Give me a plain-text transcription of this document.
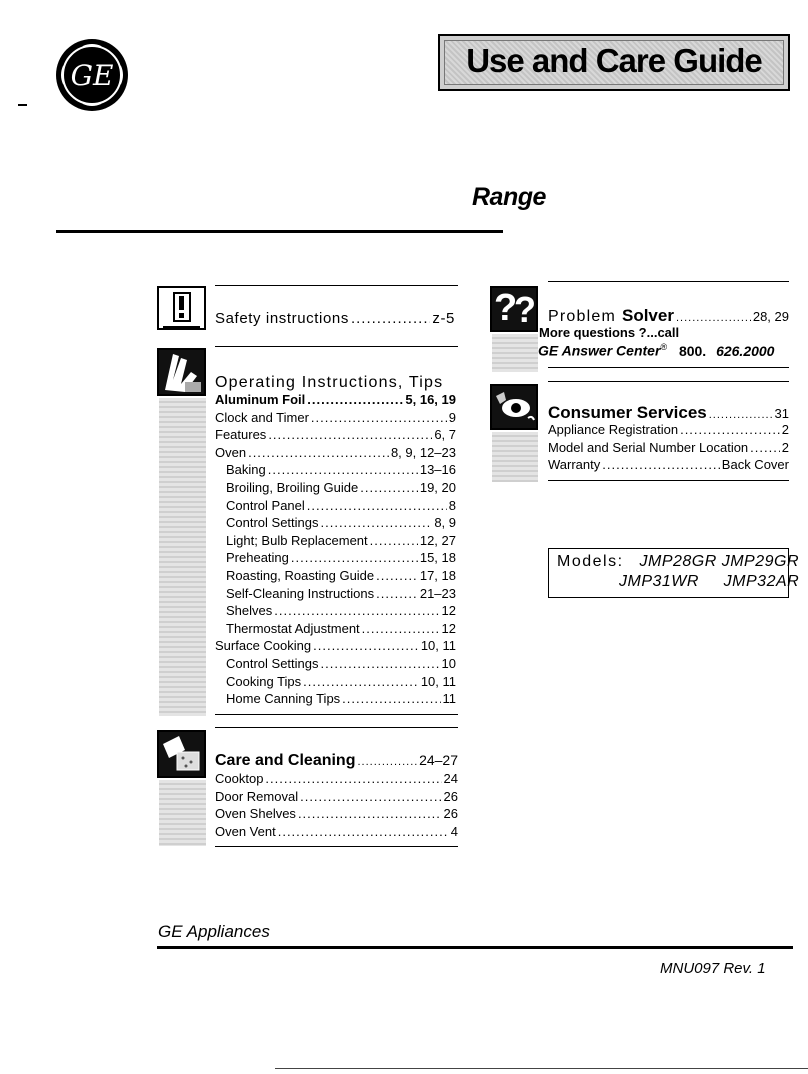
GE	Use and Care Guide
Range
Safety instructions .....	z-5
Operating Instructions, Tips
Aluminum Foil .....	5, 16, 19
Clock and Timer .....	9
Features .....	6, 7
Oven .....	8, 9, 12–23
Baking .....	13–16
Broiling, Broiling Guide .....	19, 20
Control Panel .....	8
Control Settings .....	8, 9
Light; Bulb Replacement .....	12, 27
Preheating .....	15, 18
Roasting, Roasting Guide .....	17, 18
Self-Cleaning Instructions .....	21–23
Shelves .....	12
Thermostat Adjustment .....	12
Surface Cooking .....	10, 11
Control Settings .....	10
Cooking Tips .....	10, 11
Home Canning Tips .....	11
Care and Cleaning .....	24–27
Cooktop .....	24
Door Removal .....	26
Oven Shelves .....	26
Oven Vent .....	4
?
? Problem Solver .....	28, 29
More questions ?...call
GE Answer Center® 800. 626.2000
Consumer Services .....	31
Appliance Registration .....	2
Model and Serial Number Location .....	2
Warranty .....	Back Cover
Models: JMP28GR JMP29GR
JMP31WR     JMP32AR
GE Appliances
MNU097 Rev. 1
